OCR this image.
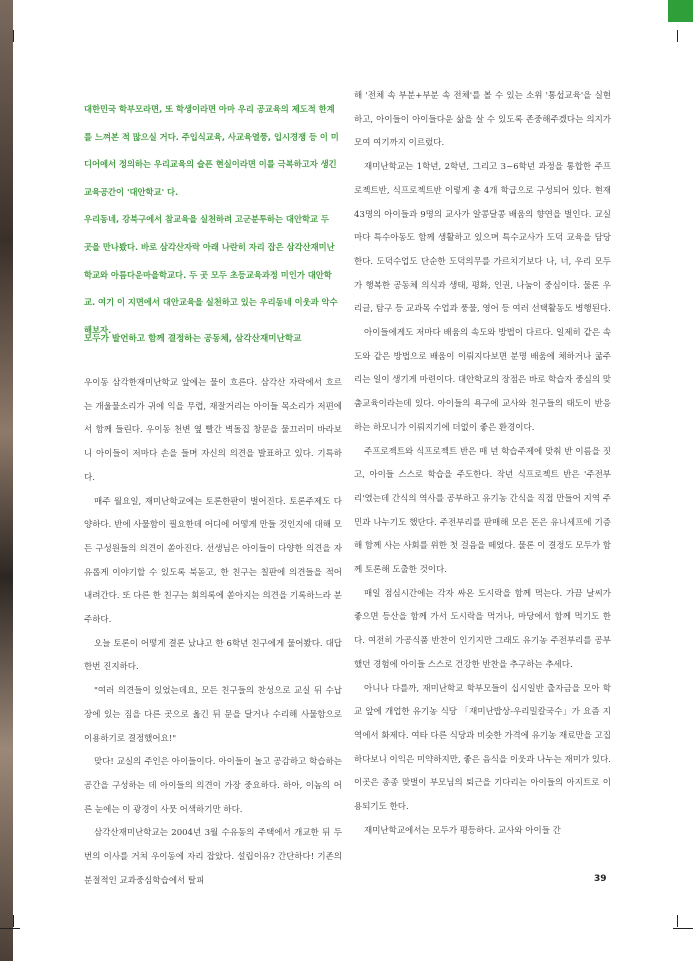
대한민국 학부모라면, 또 학생이라면 아마 우리 공교육의 제도적 한계를 느껴본 적 많으실 거다. 주입식교육, 사교육열풍, 입시경쟁 등 이 미디어에서 정의하는 우리교육의 슬픈 현실이라면 이를 극복하고자 생긴 교육공간이 '대안학교' 다.

우리동네, 강북구에서 참교육을 실천하려 고군분투하는 대안학교 두 곳을 만나봤다. 바로 삼각산자락 아래 나란히 자리 잡은 삼각산재미난학교와 아름다운마을학교다. 두 곳 모두 초등교육과정 미인가 대안학교. 여기 이 지면에서 대안교육을 실천하고 있는 우리동네 이웃과 악수해보자.

모두가 발언하고 함께 결정하는 공동체, 삼각산재미난학교

우이동 삼각한재미난학교 앞에는 물이 흐른다. 삼각산 자락에서 흐르는 개울물소리가 귀에 익을 무렵, 재잘거리는 아이들 목소리가 저편에서 함께 들린다. 우이동 천변 옆 빨간 벽돌집 창문을 물끄러미 바라보니 아이들이 저마다 손을 들며 자신의 의견을 발표하고 있다. 기특하다.

매주 월요일, 재미난학교에는 토론한판이 벌어진다. 토론주제도 다양하다. 반에 사물함이 필요한데 어디에 어떻게 만들 것인지에 대해 모든 구성원들의 의견이 쏟아진다. 선생님은 아이들이 다양한 의견을 자유롭게 이야기할 수 있도록 북돋고, 한 친구는 칠판에 의견들을 적어 내려간다. 또 다른 한 친구는 회의록에 쏟아지는 의견을 기록하느라 분주하다.

오늘 토론이 어떻게 결론 났냐고 한 6학년 친구에게 물어봤다. 대답한번 진지하다.

"여러 의견들이 있었는데요, 모든 친구들의 찬성으로 교실 뒤 수납장에 있는 짐을 다른 곳으로 옮긴 뒤 문을 달거나 수리해 사물함으로 이용하기로 결정했어요!"

맞다! 교실의 주인은 아이들이다. 아이들이 놀고 공감하고 학습하는 공간을 구성하는 데 아이들의 의견이 가장 중요하다. 하아, 이놈의 어른 눈에는 이 광경이 사뭇 어색하기만 하다.

삼각산재미난학교는 2004년 3월 수유동의 주택에서 개교한 뒤 두 번의 이사를 거쳐 우이동에 자리 잡았다. 설립이유? 간단하다! 기존의 분절적인 교과중심학습에서 탈피

해 '전체 속 부분+부분 속 전체'를 볼 수 있는 소위 '통섭교육'을 실현하고, 아이들이 아이들다운 삶을 살 수 있도록 존중해주겠다는 의지가 모여 여기까지 이르렀다.

재미난학교는 1학년, 2학년, 그리고 3~6학년 과정을 통합한 주프로젝트반, 식프로젝트반 이렇게 총 4개 학급으로 구성되어 있다. 현재 43명의 아이들과 9명의 교사가 알콩달콩 배움의 향연을 벌인다. 교실마다 특수아동도 함께 생활하고 있으며 특수교사가 도덕 교육을 담당한다. 도덕수업도 단순한 도덕의무를 가르치기보다 나, 너, 우리 모두가 행복한 공동체 의식과 생태, 평화, 인권, 나눔이 중심이다. 물론 우리글, 탐구 등 교과목 수업과 풍물, 영어 등 여러 선택활동도 병행된다.

아이들에게도 저마다 배움의 속도와 방법이 다르다. 일제히 같은 속도와 같은 방법으로 배움이 이뤄지다보면 분명 배움에 체하거나 굶주리는 일이 생기게 마련이다. 대안학교의 장점은 바로 학습자 중심의 맞춤교육이라는데 있다. 아이들의 욕구에 교사와 친구들의 태도이 반응하는 하모니가 이뤄지기에 더없이 좋은 환경이다.

주프로젝트와 식프로젝트 반은 매 년 학습주제에 맞춰 반 이름을 짓고, 아이들 스스로 학습을 주도한다. 작년 식프로젝트 반은 '주전부리'였는데 간식의 역사를 공부하고 유기농 간식을 직접 만들어 지역 주민과 나누기도 했단다. 주전부리를 판매해 모은 돈은 유니세프에 기증해 함께 사는 사회를 위한 첫 걸음을 떼었다. 물론 이 결정도 모두가 함께 토론해 도출한 것이다.

매일 점심시간에는 각자 싸온 도시락을 함께 먹는다. 가끔 날씨가 좋으면 등산을 함께 가서 도시락을 먹거나, 마당에서 함께 먹기도 한다. 여전히 가공식품 반찬이 인기지만 그래도 유기농 주전부리를 공부했던 경험에 아이들 스스로 건강한 반찬을 추구하는 추세다.

아니나 다를까, 재미난학교 학부모들이 십시일반 출자금을 모아 학교 앞에 개업한 유기농 식당 「재미난밥상-우리밀칼국수」가 요즘 지역에서 화제다. 여타 다른 식당과 비슷한 가격에 유기농 재료만을 고집하다보니 이익은 미약하지만, 좋은 음식을 이웃과 나누는 재미가 있다. 이곳은 종종 맞벌이 부모님의 퇴근을 기다리는 아이들의 아지트로 이용되기도 한다.

재미난학교에서는 모두가 평등하다. 교사와 아이들 간

39
